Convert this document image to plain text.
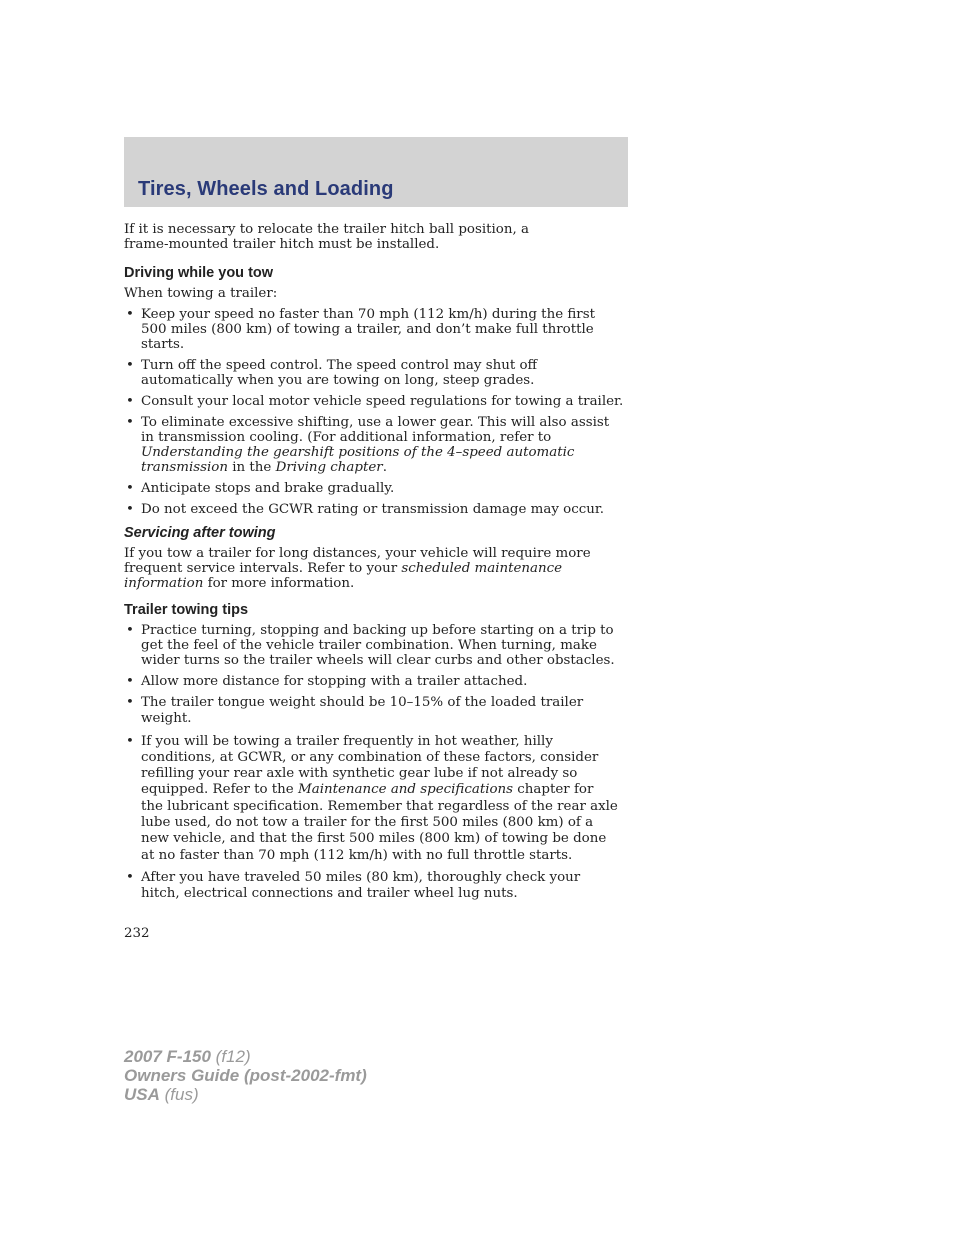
Tires, Wheels and Loading

If it is necessary to relocate the trailer hitch ball position, a
frame-mounted trailer hitch must be installed.

Driving while you tow

When towing a trailer:

• Keep your speed no faster than 70 mph (112 km/h) during the first
500 miles (800 km) of towing a trailer, and don’t make full throttle
starts.
• Turn off the speed control. The speed control may shut off
automatically when you are towing on long, steep grades.
• Consult your local motor vehicle speed regulations for towing a trailer.
• To eliminate excessive shifting, use a lower gear. This will also assist
in transmission cooling. (For additional information, refer to
Understanding the gearshift positions of the 4–speed automatic
transmission in the Driving chapter.
• Anticipate stops and brake gradually.
• Do not exceed the GCWR rating or transmission damage may occur.
Servicing after towing

If you tow a trailer for long distances, your vehicle will require more
frequent service intervals. Refer to your scheduled maintenance
information for more information.

Trailer towing tips
• Practice turning, stopping and backing up before starting on a trip to
get the feel of the vehicle trailer combination. When turning, make
wider turns so the trailer wheels will clear curbs and other obstacles.
• Allow more distance for stopping with a trailer attached.
• The trailer tongue weight should be 10–15% of the loaded trailer
weight.
• If you will be towing a trailer frequently in hot weather, hilly
conditions, at GCWR, or any combination of these factors, consider
refilling your rear axle with synthetic gear lube if not already so
equipped. Refer to the Maintenance and specifications chapter for
the lubricant specification. Remember that regardless of the rear axle
lube used, do not tow a trailer for the first 500 miles (800 km) of a
new vehicle, and that the first 500 miles (800 km) of towing be done
at no faster than 70 mph (112 km/h) with no full throttle starts.
• After you have traveled 50 miles (80 km), thoroughly check your
hitch, electrical connections and trailer wheel lug nuts.
232
2007 F-150 (f12)
Owners Guide (post-2002-fmt)
USA (fus)
